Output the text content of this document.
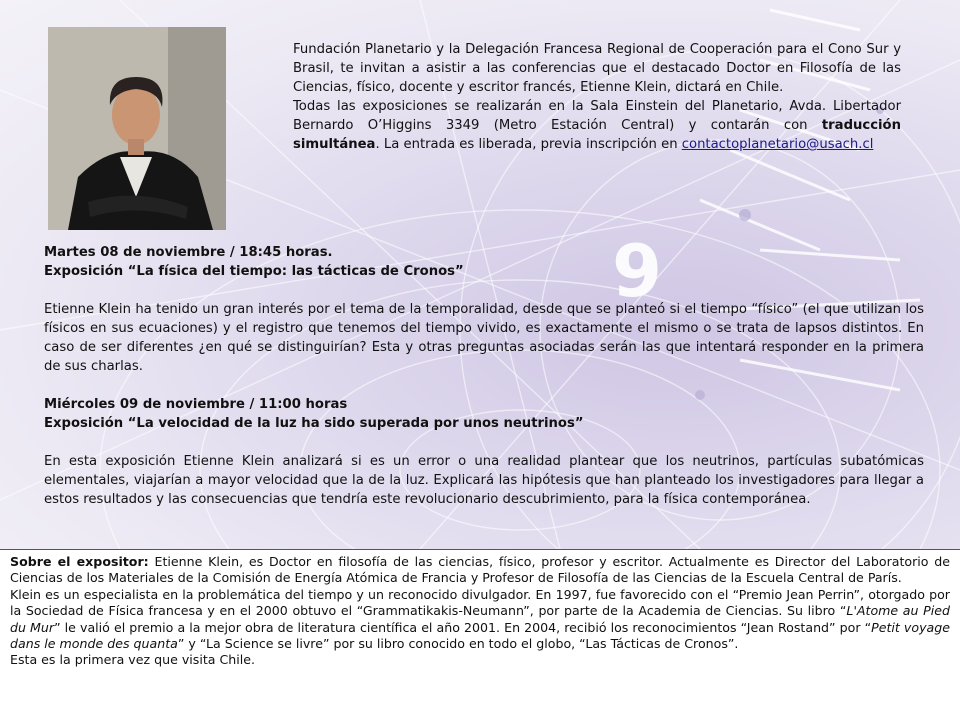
9

Fundación Planetario y la Delegación Francesa Regional de Cooperación para el Cono Sur y Brasil, te invitan a asistir a las conferencias que el destacado Doctor en Filosofía de las Ciencias, físico, docente y escritor francés, Etienne Klein, dictará en Chile.

Todas las exposiciones se realizarán en la Sala Einstein del Planetario, Avda. Libertador Bernardo O’Higgins 3349 (Metro Estación Central) y contarán con traducción simultánea. La entrada es liberada, previa inscripción en contactoplanetario@usach.cl

Martes 08 de noviembre / 18:45 horas.

Exposición “La física del tiempo: las tácticas de Cronos”

Etienne Klein ha tenido un gran interés por el tema de la temporalidad, desde que se planteó si el tiempo “físico” (el que utilizan los físicos en sus ecuaciones) y el registro que tenemos del tiempo vivido, es exactamente el mismo o se trata de lapsos distintos. En caso de ser diferentes ¿en qué se distinguirían? Esta y otras preguntas asociadas serán las que intentará responder en la primera de sus charlas.

Miércoles 09 de noviembre / 11:00 horas

Exposición “La velocidad de la luz ha sido superada por unos neutrinos”

En esta exposición Etienne Klein analizará si es un error o una realidad plantear que los neutrinos, partículas subatómicas elementales, viajarían a mayor velocidad que la de la luz. Explicará las hipótesis que han planteado los investigadores para llegar a estos resultados y las consecuencias que tendría este revolucionario descubrimiento, para la física contemporánea.

Sobre el expositor: Etienne Klein, es Doctor en filosofía de las ciencias, físico, profesor y escritor. Actualmente es Director del Laboratorio de Ciencias de los Materiales de la Comisión de Energía Atómica de Francia y Profesor de Filosofía de las Ciencias de la Escuela Central de París.

Klein es un especialista en la problemática del tiempo y un reconocido divulgador. En 1997, fue favorecido con el “Premio Jean Perrin”, otorgado por la Sociedad de Física francesa y en el 2000 obtuvo el “Grammatikakis-Neumann”, por parte de la Academia de Ciencias. Su libro “L'Atome au Pied du Mur” le valió el premio a la mejor obra de literatura científica el año 2001. En 2004, recibió los reconocimientos “Jean Rostand” por “Petit voyage dans le monde des quanta” y “La Science se livre” por su libro conocido en todo el globo, “Las Tácticas de Cronos”.

Esta es la primera vez que visita Chile.
